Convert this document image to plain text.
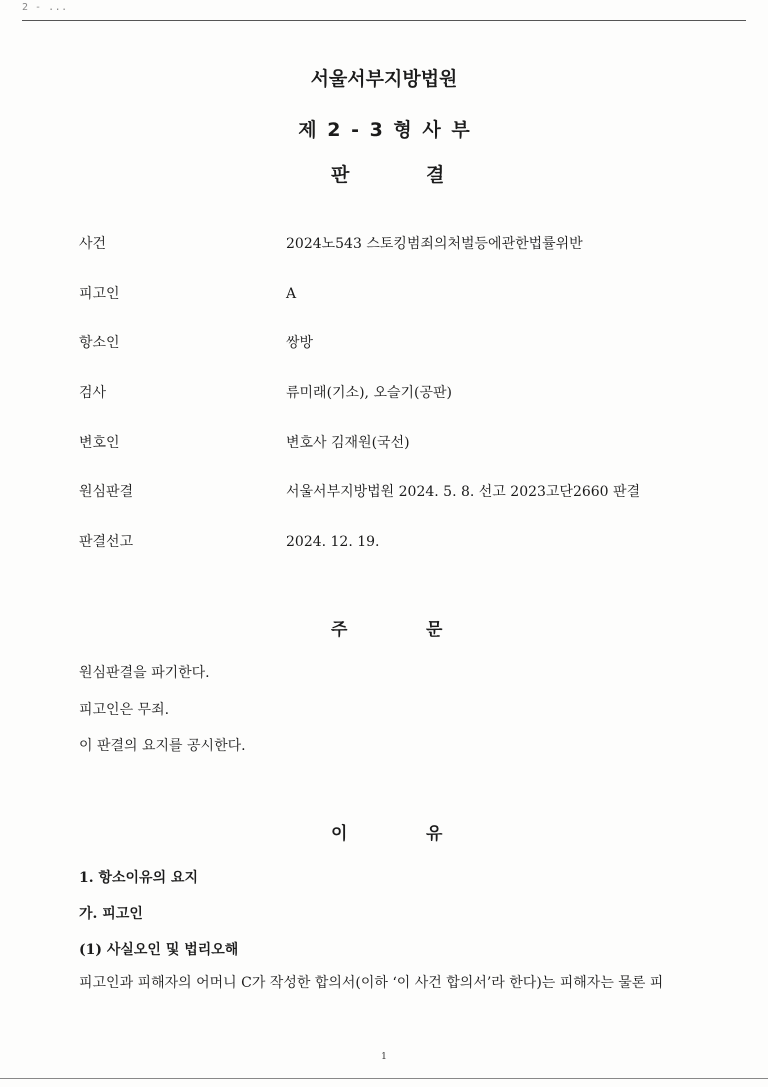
2 - ...
서울서부지방법원
제 2 - 3 형 사 부
판	결
사건	2024노543 스토킹범죄의처벌등에관한법률위반
피고인	A
항소인	쌍방
검사	류미래(기소), 오슬기(공판)
변호인	변호사 김재원(국선)
원심판결	서울서부지방법원 2024. 5. 8. 선고 2023고단2660 판결
판결선고	2024. 12. 19.
주	문
원심판결을 파기한다.
피고인은 무죄.
이 판결의 요지를 공시한다.
이	유
1. 항소이유의 요지
가. 피고인
(1) 사실오인 및 법리오해
피고인과 피해자의 어머니 C가 작성한 합의서(이하 ‘이 사건 합의서’라 한다)는 피해자는 물론 피
1
